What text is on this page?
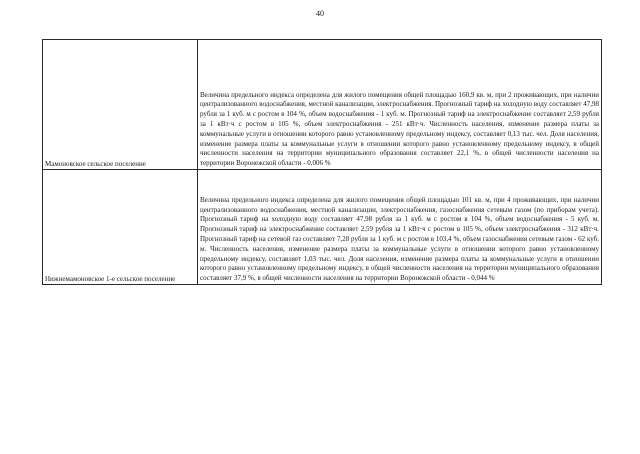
40
Мамоновское сельское поселение	Величина предельного индекса определена для жилого помещения общей площадью 160,9 кв. м, при 2 проживающих, при наличии централизованного водоснабжения, местной канализации, электроснабжения. Прогнозный тариф на холодную воду составляет 47,98 рубля за 1 куб. м с ростом в 104 %, объем водоснабжения - 1 куб. м. Прогнозный тариф на электроснабжение составляет 2,59 рубля за 1 кВт·ч с ростом в 105 %, объем электроснабжения - 251 кВт·ч. Численность населения, изменение размера платы за коммунальные услуги в отношении которого равно установленному предельному индексу, составляет 0,13 тыс. чел. Доля населения, изменение размера платы за коммунальные услуги в отношении которого равно установленному предельному индексу, в общей численности населения на территории муниципального образования составляет 22,1 %, в общей численности населения на территории Воронежской области - 0,006 %

Нижнемамоновское 1-е сельское поселение	Величина предельного индекса определена для жилого помещения общей площадью 101 кв. м, при 4 проживающих, при наличии централизованного водоснабжения, местной канализации, электроснабжения, газоснабжения сетевым газом (по приборам учета). Прогнозный тариф на холодную воду составляет 47,98 рубля за 1 куб. м с ростом в 104 %, объем водоснабжения - 5 куб. м. Прогнозный тариф на электроснабжение составляет 2,59 рубля за 1 кВт·ч с ростом в 105 %, объем электроснабжения - 312 кВт·ч. Прогнозный тариф на сетевой газ составляет 7,28 рубля за 1 куб. м с ростом в 103,4 %, объем газоснабжения сетевым газом - 62 куб. м. Численность населения, изменение размера платы за коммунальные услуги в отношении которого равно установленному предельному индексу, составляет 1,03 тыс. чел. Доля населения, изменение размера платы за коммунальные услуги в отношении которого равно установленному предельному индексу, в общей численности населения на территории муниципального образования составляет 37,9 %, в общей численности населения на территории Воронежской области - 0,044 %
